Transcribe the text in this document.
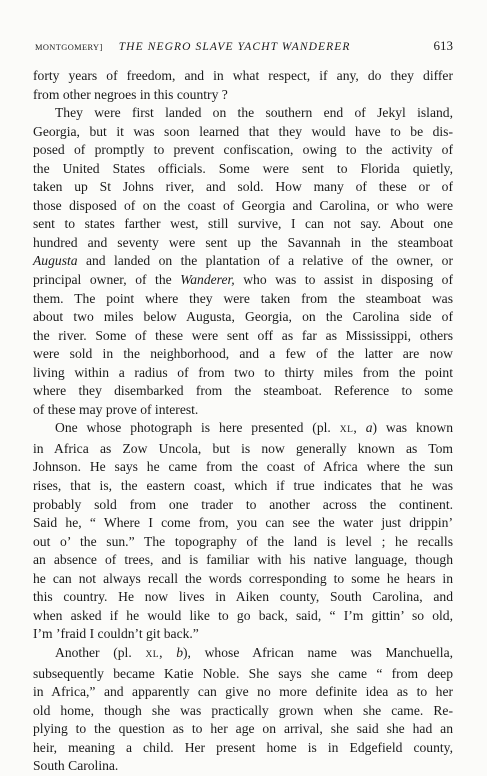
MONTGOMERY] THE NEGRO SLAVE YACHT WANDERER	613
forty years of freedom, and in what respect, if any, do they differ
from other negroes in this country ?
They were first landed on the southern end of Jekyl island,
Georgia, but it was soon learned that they would have to be dis-
posed of promptly to prevent confiscation, owing to the activity of
the United States officials. Some were sent to Florida quietly,
taken up St Johns river, and sold. How many of these or of
those disposed of on the coast of Georgia and Carolina, or who were
sent to states farther west, still survive, I can not say. About one
hundred and seventy were sent up the Savannah in the steamboat
Augusta and landed on the plantation of a relative of the owner, or
principal owner, of the Wanderer, who was to assist in disposing of
them. The point where they were taken from the steamboat was
about two miles below Augusta, Georgia, on the Carolina side of
the river. Some of these were sent off as far as Mississippi, others
were sold in the neighborhood, and a few of the latter are now
living within a radius of from two to thirty miles from the point
where they disembarked from the steamboat. Reference to some
of these may prove of interest.
One whose photograph is here presented (pl. XL, a) was known
in Africa as Zow Uncola, but is now generally known as Tom
Johnson. He says he came from the coast of Africa where the sun
rises, that is, the eastern coast, which if true indicates that he was
probably sold from one trader to another across the continent.
Said he, “ Where I come from, you can see the water just drippin’
out o’ the sun.” The topography of the land is level ; he recalls
an absence of trees, and is familiar with his native language, though
he can not always recall the words corresponding to some he hears in
this country. He now lives in Aiken county, South Carolina, and
when asked if he would like to go back, said, “ I’m gittin’ so old,
I’m ’fraid I couldn’t git back.”
Another (pl. XL, b), whose African name was Manchuella,
subsequently became Katie Noble. She says she came “ from deep
in Africa,” and apparently can give no more definite idea as to her
old home, though she was practically grown when she came. Re-
plying to the question as to her age on arrival, she said she had an
heir, meaning a child. Her present home is in Edgefield county,
South Carolina.
